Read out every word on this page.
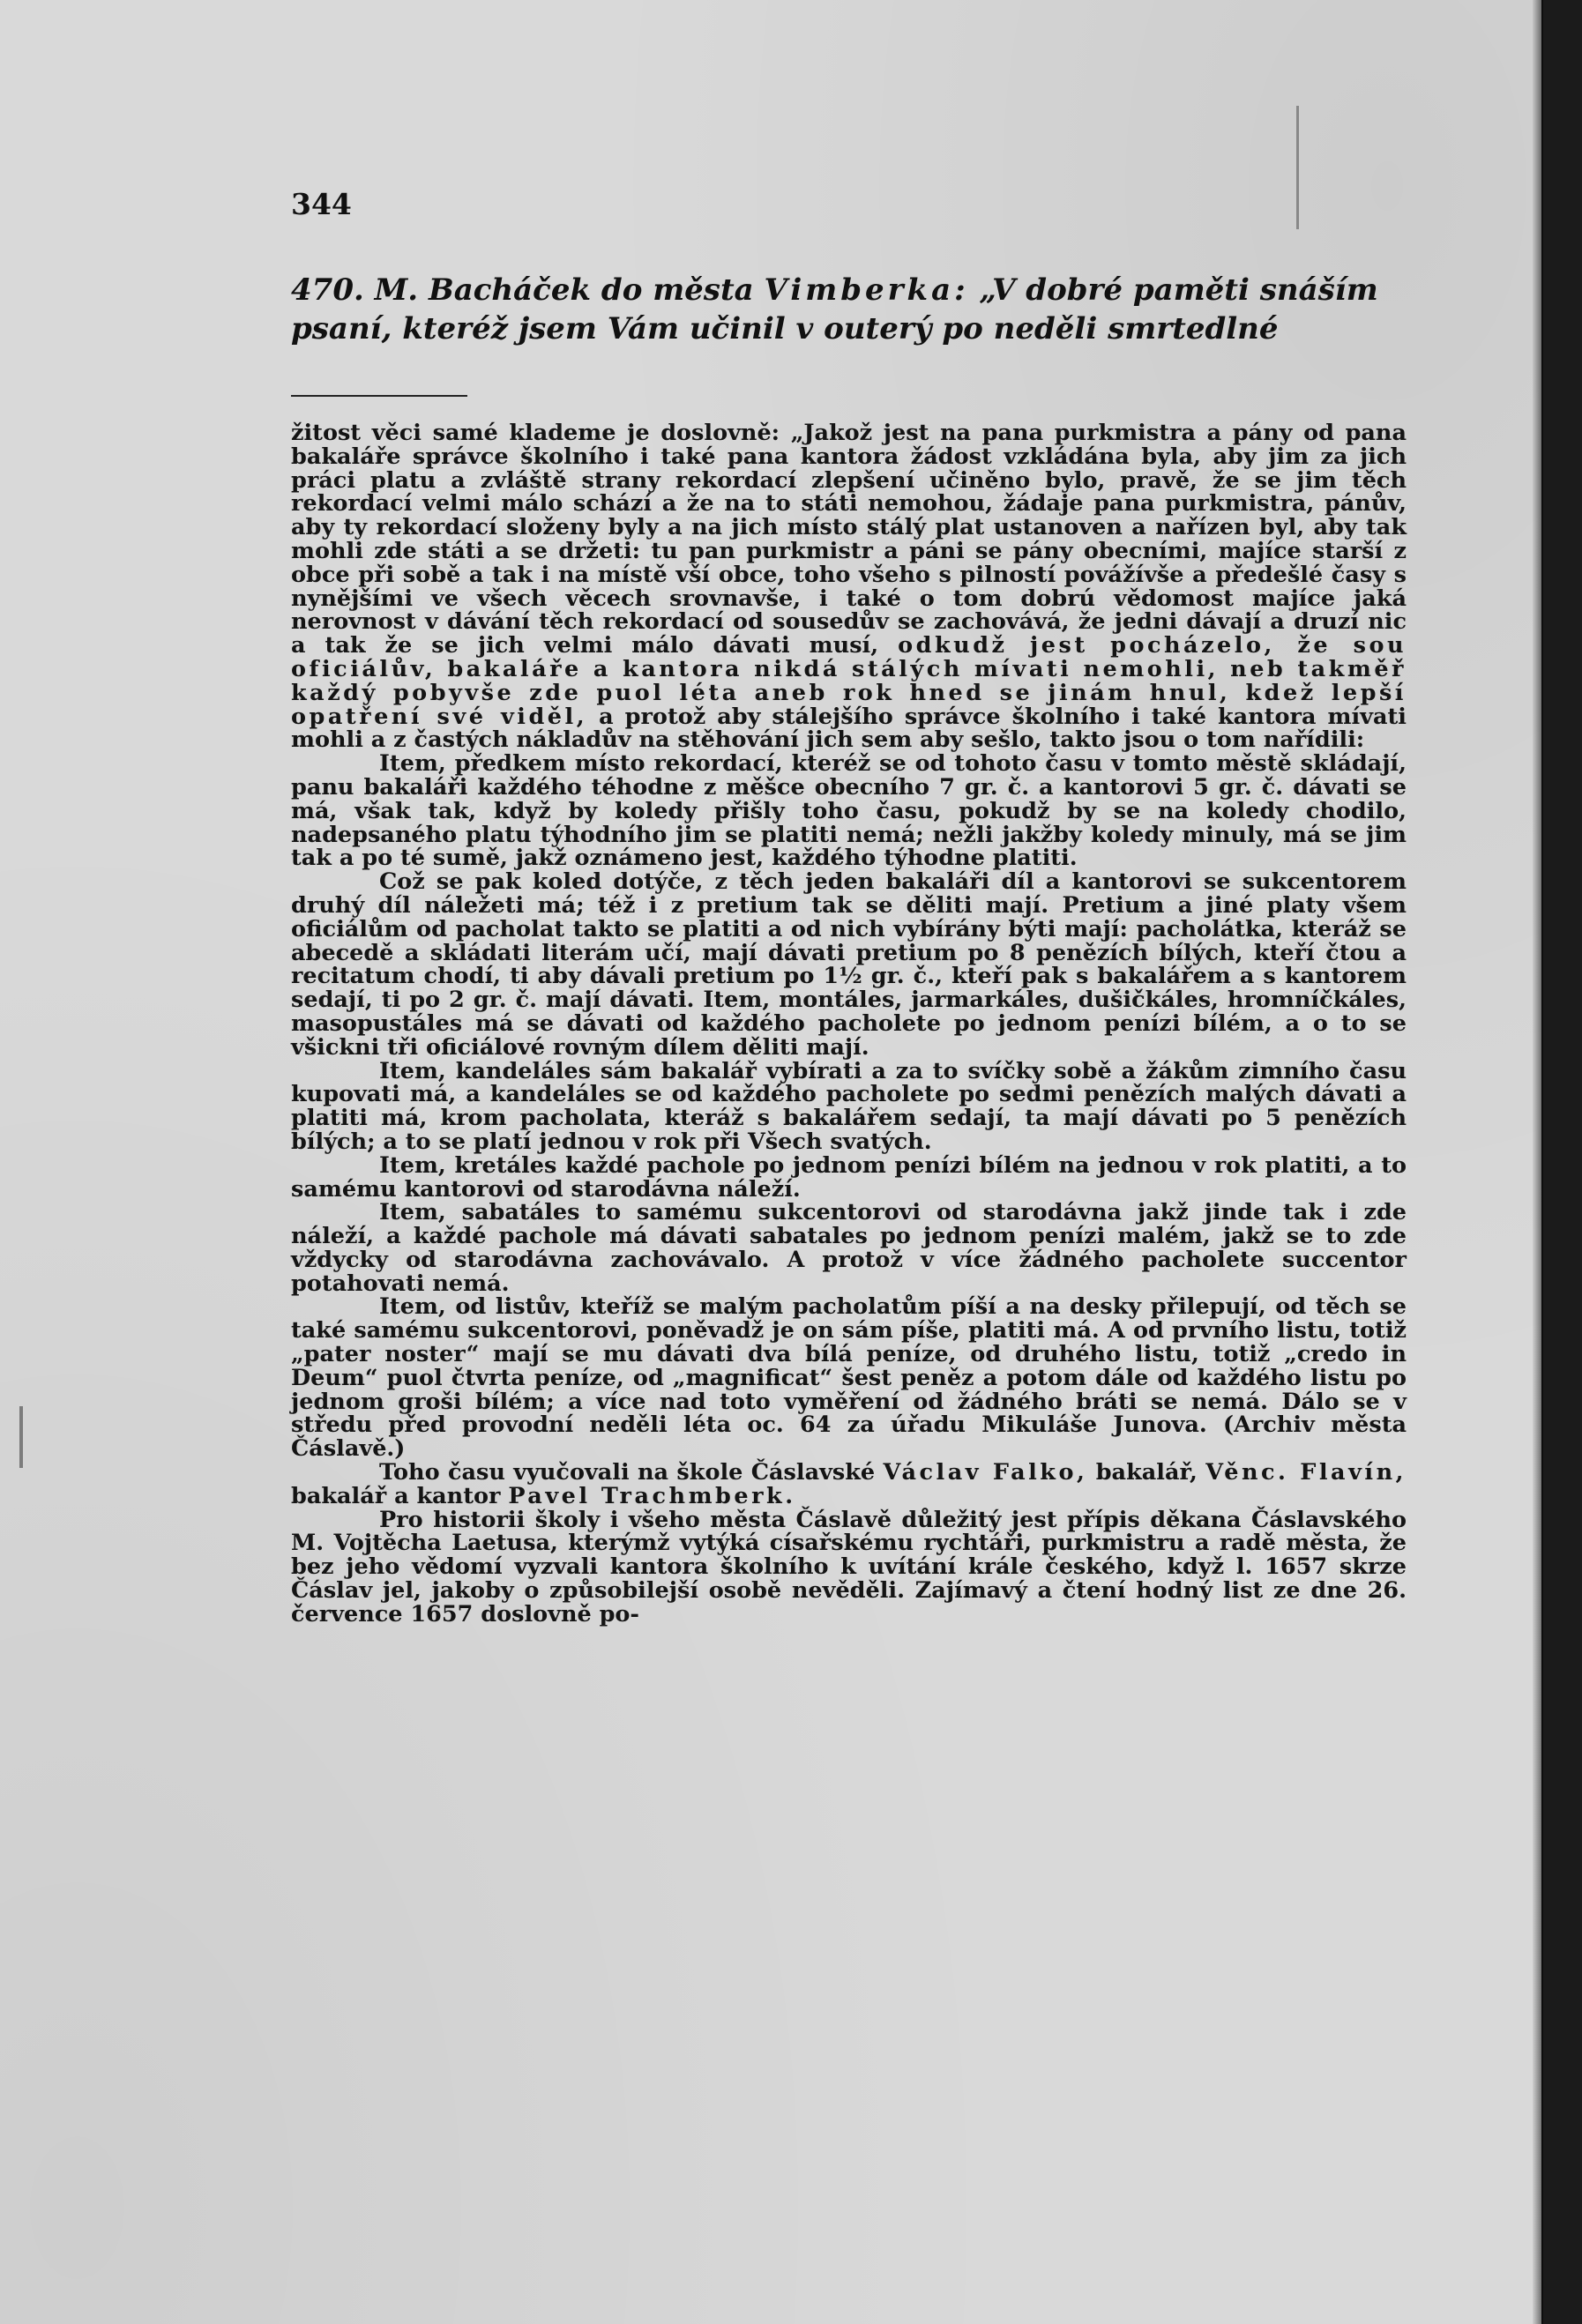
344
470. M. Bacháček do města Vimberka: „V dobré paměti snáším psaní, kteréž jsem Vám učinil v outerý po neděli smrtedlné

žitost věci samé klademe je doslovně: „Jakož jest na pana purkmistra a pány od pana bakaláře správce školního i také pana kantora žádost vzkládána byla, aby jim za jich práci platu a zvláště strany rekordací zlepšení učiněno bylo, pravě, že se jim těch rekordací velmi málo schází a že na to státi nemohou, žádaje pana purkmistra, pánův, aby ty rekordací složeny byly a na jich místo stálý plat ustanoven a nařízen byl, aby tak mohli zde státi a se držeti: tu pan purkmistr a páni se pány obecními, majíce starší z obce při sobě a tak i na místě vší obce, toho všeho s pilností povážívše a předešlé časy s nynějšími ve všech věcech srovnavše, i také o tom dobrú vědomost majíce jaká nerovnost v dávání těch rekordací od sousedův se zachovává, že jedni dávají a druzí nic a tak že se jich velmi málo dávati musí, odkudž jest pocházelo, že sou oficiálův, bakaláře a kantora nikdá stálých mívati nemohli, neb takměř každý pobyvše zde puol léta aneb rok hned se jinám hnul, kdež lepší opatření své viděl, a protož aby stálejšího správce školního i také kantora mívati mohli a z častých nákladův na stěhování jich sem aby sešlo, takto jsou o tom nařídili:

Item, předkem místo rekordací, kteréž se od tohoto času v tomto městě skládají, panu bakaláři každého téhodne z měšce obecního 7 gr. č. a kantorovi 5 gr. č. dávati se má, však tak, když by koledy přišly toho času, pokudž by se na koledy chodilo, nadepsaného platu týhodního jim se platiti nemá; nežli jakžby koledy minuly, má se jim tak a po té sumě, jakž oznámeno jest, každého týhodne platiti.

Což se pak koled dotýče, z těch jeden bakaláři díl a kantorovi se sukcentorem druhý díl náležeti má; též i z pretium tak se děliti mají. Pretium a jiné platy všem oficiálům od pacholat takto se platiti a od nich vybírány býti mají: pacholátka, kteráž se abecedě a skládati literám učí, mají dávati pretium po 8 penězích bílých, kteří čtou a recitatum chodí, ti aby dávali pretium po 1½ gr. č., kteří pak s bakalářem a s kantorem sedají, ti po 2 gr. č. mají dávati. Item, montáles, jarmarkáles, dušičkáles, hromníčkáles, masopustáles má se dávati od každého pacholete po jednom penízi bílém, a o to se všickni tři oficiálové rovným dílem děliti mají.

Item, kandeláles sám bakalář vybírati a za to svíčky sobě a žákům zimního času kupovati má, a kandeláles se od každého pacholete po sedmi penězích malých dávati a platiti má, krom pacholata, kteráž s bakalářem sedají, ta mají dávati po 5 penězích bílých; a to se platí jednou v rok při Všech svatých.

Item, kretáles každé pachole po jednom penízi bílém na jednou v rok platiti, a to samému kantorovi od starodávna náleží.

Item, sabatáles to samému sukcentorovi od starodávna jakž jinde tak i zde náleží, a každé pachole má dávati sabatales po jednom penízi malém, jakž se to zde vždycky od starodávna zachovávalo. A protož v více žádného pacholete succentor potahovati nemá.

Item, od listův, kteříž se malým pacholatům píší a na desky přilepují, od těch se také samému sukcentorovi, poněvadž je on sám píše, platiti má. A od prvního listu, totiž „pater noster“ mají se mu dávati dva bílá peníze, od druhého listu, totiž „credo in Deum“ puol čtvrta peníze, od „magnificat“ šest peněz a potom dále od každého listu po jednom groši bílém; a více nad toto vyměření od žádného bráti se nemá. Dálo se v středu před provodní neděli léta oc. 64 za úřadu Mikuláše Junova. (Archiv města Čáslavě.)

Toho času vyučovali na škole Čáslavské Václav Falko, bakalář, Věnc. Flavín, bakalář a kantor Pavel Trachmberk.

Pro historii školy i všeho města Čáslavě důležitý jest přípis děkana Čáslavského M. Vojtěcha Laetusa, kterýmž vytýká císařskému rychtáři, purkmistru a radě města, že bez jeho vědomí vyzvali kantora školního k uvítání krále českého, když l. 1657 skrze Čáslav jel, jakoby o způsobilejší osobě nevěděli. Zajímavý a čtení hodný list ze dne 26. července 1657 doslovně po-
